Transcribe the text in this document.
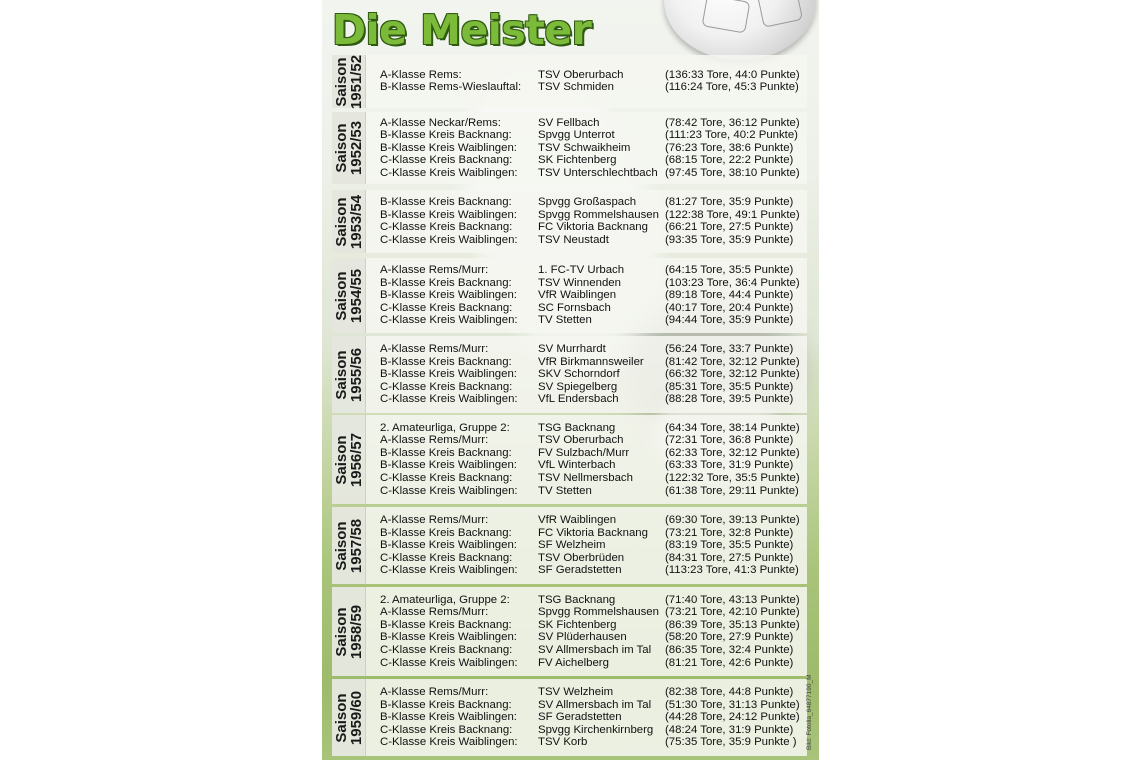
Die Meister
Saison
1951/52 A-Klasse Rems:	TSV Oberurbach	(136:33 Tore, 44:0 Punkte)
B-Klasse Rems-Wieslauftal: TSV Schmiden	(116:24 Tore, 45:3 Punkte)
Saison
1952/53 A-Klasse Neckar/Rems:	SV Fellbach	(78:42 Tore, 36:12 Punkte)
B-Klasse Kreis Backnang: Spvgg Unterrot	(111:23 Tore, 40:2 Punkte)
B-Klasse Kreis Waiblingen: TSV Schwaikheim	(76:23 Tore, 38:6 Punkte)
C-Klasse Kreis Backnang: SK Fichtenberg	(68:15 Tore, 22:2 Punkte)
C-Klasse Kreis Waiblingen: TSV Unterschlechtbach (97:45 Tore, 38:10 Punkte)
Saison
1953/54 B-Klasse Kreis Backnang: Spvgg Großaspach	(81:27 Tore, 35:9 Punkte)
B-Klasse Kreis Waiblingen: Spvgg Rommelshausen (122:38 Tore, 49:1 Punkte)
C-Klasse Kreis Backnang: FC Viktoria Backnang (66:21 Tore, 27:5 Punkte)
C-Klasse Kreis Waiblingen: TSV Neustadt	(93:35 Tore, 35:9 Punkte)
Saison
1954/55 A-Klasse Rems/Murr:	1. FC-TV Urbach	(64:15 Tore, 35:5 Punkte)
B-Klasse Kreis Backnang: TSV Winnenden	(103:23 Tore, 36:4 Punkte)
B-Klasse Kreis Waiblingen: VfR Waiblingen	(89:18 Tore, 44:4 Punkte)
C-Klasse Kreis Backnang: SC Fornsbach	(40:17 Tore, 20:4 Punkte)
C-Klasse Kreis Waiblingen: TV Stetten	(94:44 Tore, 35:9 Punkte)
Saison
1955/56 A-Klasse Rems/Murr:	SV Murrhardt	(56:24 Tore, 33:7 Punkte)
B-Klasse Kreis Backnang: VfR Birkmannsweiler (81:42 Tore, 32:12 Punkte)
B-Klasse Kreis Waiblingen: SKV Schorndorf	(66:32 Tore, 32:12 Punkte)
C-Klasse Kreis Backnang: SV Spiegelberg	(85:31 Tore, 35:5 Punkte)
C-Klasse Kreis Waiblingen: VfL Endersbach	(88:28 Tore, 39:5 Punkte)
Saison
1956/57
2. Amateurliga, Gruppe 2: TSG Backnang	(64:34 Tore, 38:14 Punkte)
A-Klasse Rems/Murr:	TSV Oberurbach	(72:31 Tore, 36:8 Punkte)
B-Klasse Kreis Backnang: FV Sulzbach/Murr	(62:33 Tore, 32:12 Punkte)
B-Klasse Kreis Waiblingen: VfL Winterbach	(63:33 Tore, 31:9 Punkte)
C-Klasse Kreis Backnang: TSV Nellmersbach	(122:32 Tore, 35:5 Punkte)
C-Klasse Kreis Waiblingen: TV Stetten	(61:38 Tore, 29:11 Punkte)
Saison
1957/58 A-Klasse Rems/Murr:	VfR Waiblingen	(69:30 Tore, 39:13 Punkte)
B-Klasse Kreis Backnang: FC Viktoria Backnang (73:21 Tore, 32:8 Punkte)
B-Klasse Kreis Waiblingen: SF Welzheim	(83:19 Tore, 35:5 Punkte)
C-Klasse Kreis Backnang: TSV Oberbrüden	(84:31 Tore, 27:5 Punkte)
C-Klasse Kreis Waiblingen: SF Geradstetten	(113:23 Tore, 41:3 Punkte)
Saison
1958/59
2. Amateurliga, Gruppe 2: TSG Backnang	(71:40 Tore, 43:13 Punkte)
A-Klasse Rems/Murr:	Spvgg Rommelshausen (73:21 Tore, 42:10 Punkte)
B-Klasse Kreis Backnang: SK Fichtenberg	(86:39 Tore, 35:13 Punkte)
B-Klasse Kreis Waiblingen: SV Plüderhausen	(58:20 Tore, 27:9 Punkte)
C-Klasse Kreis Backnang: SV Allmersbach im Tal (86:35 Tore, 32:4 Punkte)
C-Klasse Kreis Waiblingen: FV Aichelberg	(81:21 Tore, 42:6 Punkte)
Saison
1959/60 A-Klasse Rems/Murr:	TSV Welzheim	(82:38 Tore, 44:8 Punkte)
B-Klasse Kreis Backnang: SV Allmersbach im Tal (51:30 Tore, 31:13 Punkte)
B-Klasse Kreis Waiblingen: SF Geradstetten	(44:28 Tore, 24:12 Punkte)
C-Klasse Kreis Backnang: Spvgg Kirchenkirnberg (48:24 Tore, 31:9 Punkte)
C-Klasse Kreis Waiblingen: TSV Korb	(75:35 Tore, 35:9 Punkte ) Bild: Fotolia_64877190_M
